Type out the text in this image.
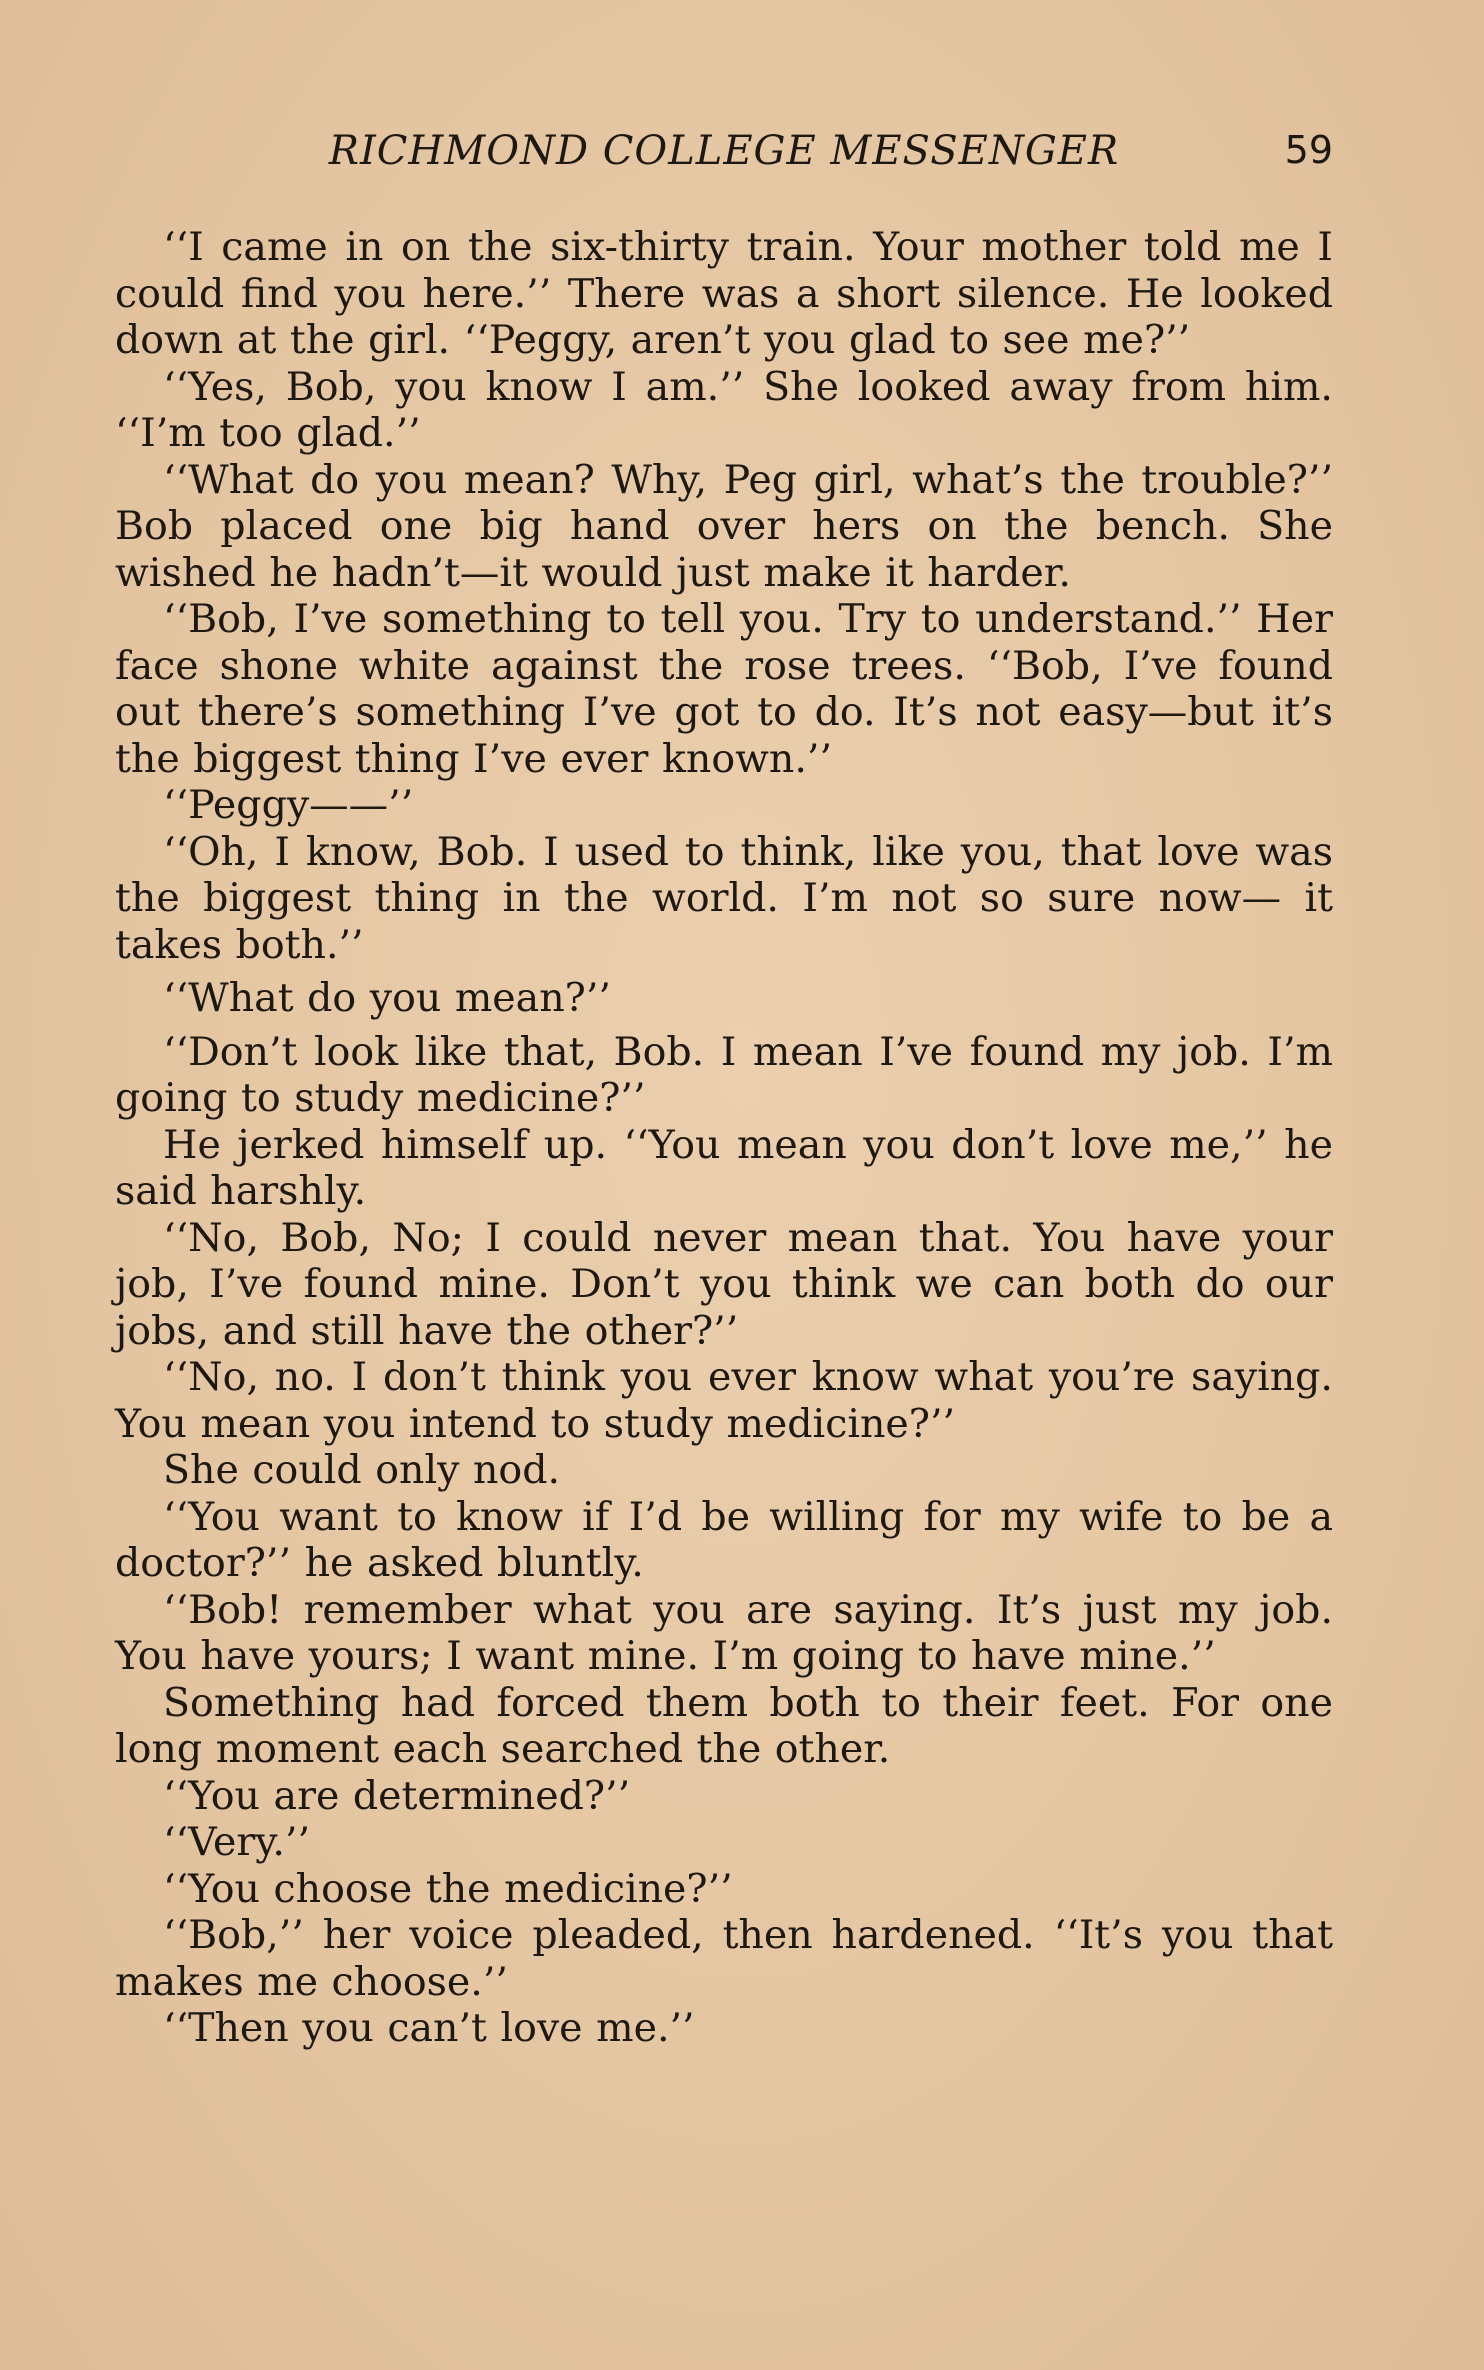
RICHMOND COLLEGE MESSENGER	59

‘‘I came in on the six-thirty train. Your mother told me I could find you here.’’ There was a short silence. He looked down at the girl. ‘‘Peggy, aren’t you glad to see me?’’

‘‘Yes, Bob, you know I am.’’ She looked away from him. ‘‘I’m too glad.’’

‘‘What do you mean? Why, Peg girl, what’s the trouble?’’ Bob placed one big hand over hers on the bench. She wished he hadn’t—it would just make it harder.

‘‘Bob, I’ve something to tell you. Try to understand.’’ Her face shone white against the rose trees. ‘‘Bob, I’ve found out there’s something I’ve got to do. It’s not easy—but it’s the biggest thing I’ve ever known.’’

‘‘Peggy——’’

‘‘Oh, I know, Bob. I used to think, like you, that love was the biggest thing in the world. I’m not so sure now— it takes both.’’

‘‘What do you mean?’’

‘‘Don’t look like that, Bob. I mean I’ve found my job. I’m going to study medicine?’’

He jerked himself up. ‘‘You mean you don’t love me,’’ he said harshly.

‘‘No, Bob, No; I could never mean that. You have your job, I’ve found mine. Don’t you think we can both do our jobs, and still have the other?’’

‘‘No, no. I don’t think you ever know what you’re saying. You mean you intend to study medicine?’’

She could only nod.

‘‘You want to know if I’d be willing for my wife to be a doctor?’’ he asked bluntly.

‘‘Bob! remember what you are saying. It’s just my job. You have yours; I want mine. I’m going to have mine.’’

Something had forced them both to their feet. For one long moment each searched the other.

‘‘You are determined?’’

‘‘Very.’’

‘‘You choose the medicine?’’

‘‘Bob,’’ her voice pleaded, then hardened. ‘‘It’s you that makes me choose.’’

‘‘Then you can’t love me.’’
